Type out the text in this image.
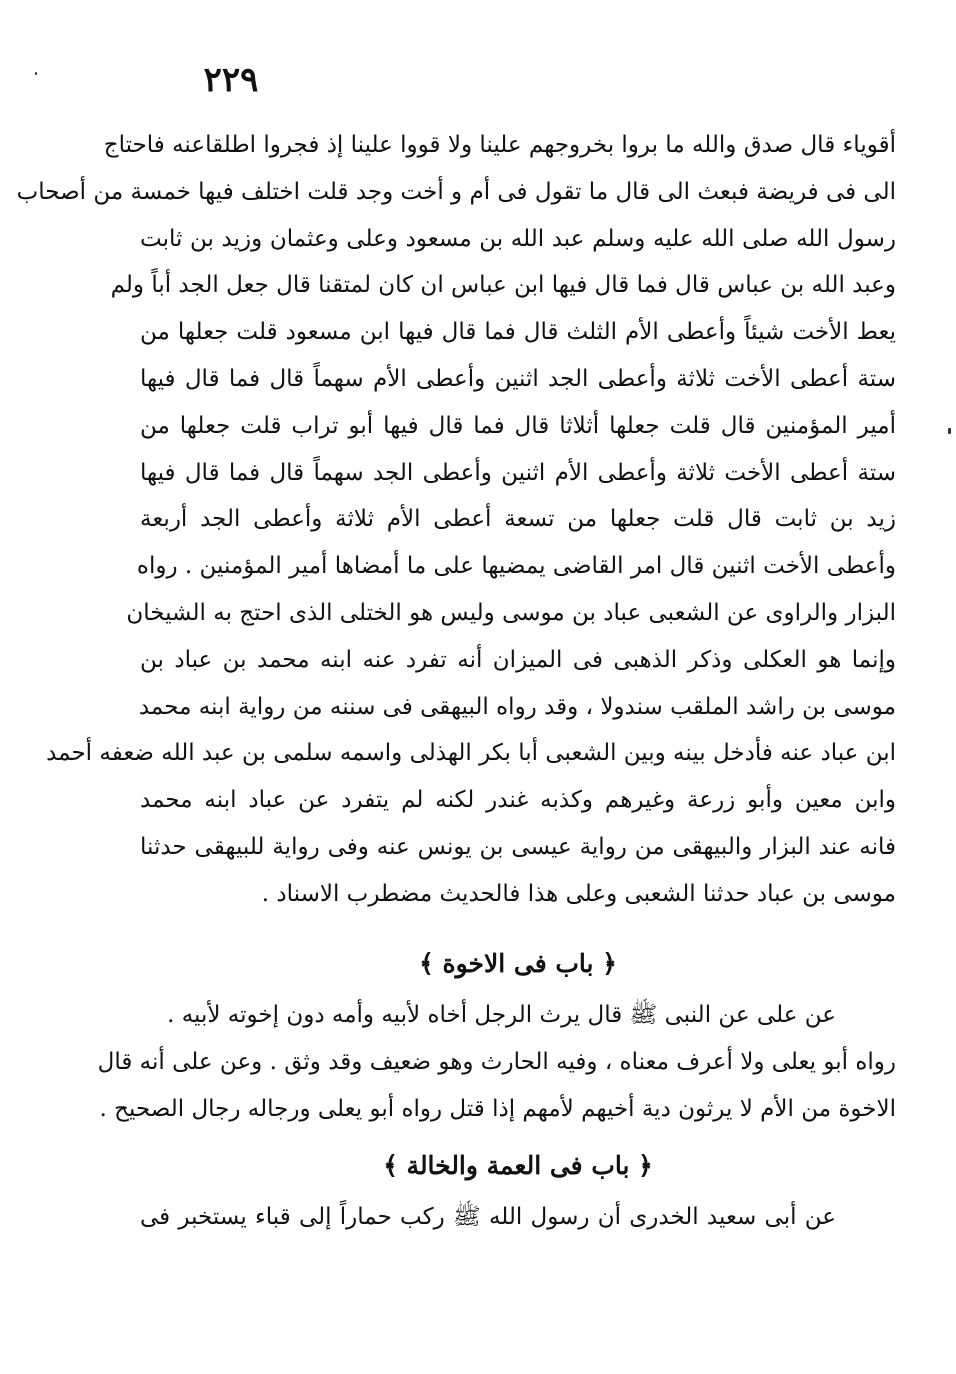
٢٢٩
أقوياء قال صدق والله ما بروا بخروجهم علينا ولا قووا علينا إذ فجروا اطلقاعنه فاحتاج
الى فى فريضة فبعث الى قال ما تقول فى أم و أخت وجد قلت اختلف فيها خمسة من أصحاب
رسول الله صلى الله عليه وسلم عبد الله بن مسعود وعلى وعثمان وزيد بن ثابت
وعبد الله بن عباس قال فما قال فيها ابن عباس ان كان لمتقنا قال جعل الجد أباً ولم
يعط الأخت شيئاً وأعطى الأم الثلث قال فما قال فيها ابن مسعود قلت جعلها من
ستة أعطى الأخت ثلاثة وأعطى الجد اثنين وأعطى الأم سهماً قال فما قال فيها
أمير المؤمنين قال قلت جعلها أثلاثا قال فما قال فيها أبو تراب قلت جعلها من
ستة أعطى الأخت ثلاثة وأعطى الأم اثنين وأعطى الجد سهماً قال فما قال فيها
زيد بن ثابت قال قلت جعلها من تسعة أعطى الأم ثلاثة وأعطى الجد أربعة
وأعطى الأخت اثنين قال امر القاضى يمضيها على ما أمضاها أمير المؤمنين . رواه
البزار والراوى عن الشعبى عباد بن موسى وليس هو الختلى الذى احتج به الشيخان
وإنما هو العكلى وذكر الذهبى فى الميزان أنه تفرد عنه ابنه محمد بن عباد بن
موسى بن راشد الملقب سندولا ، وقد رواه البيهقى فى سننه من رواية ابنه محمد
ابن عباد عنه فأدخل بينه وبين الشعبى أبا بكر الهذلى واسمه سلمى بن عبد الله ضعفه أحمد
وابن معين وأبو زرعة وغيرهم وكذبه غندر لكنه لم يتفرد عن عباد ابنه محمد
فانه عند البزار والبيهقى من رواية عيسى بن يونس عنه وفى رواية للبيهقى حدثنا
موسى بن عباد حدثنا الشعبى وعلى هذا فالحديث مضطرب الاسناد .
﴿ باب فى الاخوة ﴾
عن على عن النبى ﷺ قال يرث الرجل أخاه لأبيه وأمه دون إخوته لأبيه .
رواه أبو يعلى ولا أعرف معناه ، وفيه الحارث وهو ضعيف وقد وثق . وعن على أنه قال
الاخوة من الأم لا يرثون دية أخيهم لأمهم إذا قتل رواه أبو يعلى ورجاله رجال الصحيح .
﴿ باب فى العمة والخالة ﴾
عن أبى سعيد الخدرى أن رسول الله ﷺ ركب حماراً إلى قباء يستخبر فى
